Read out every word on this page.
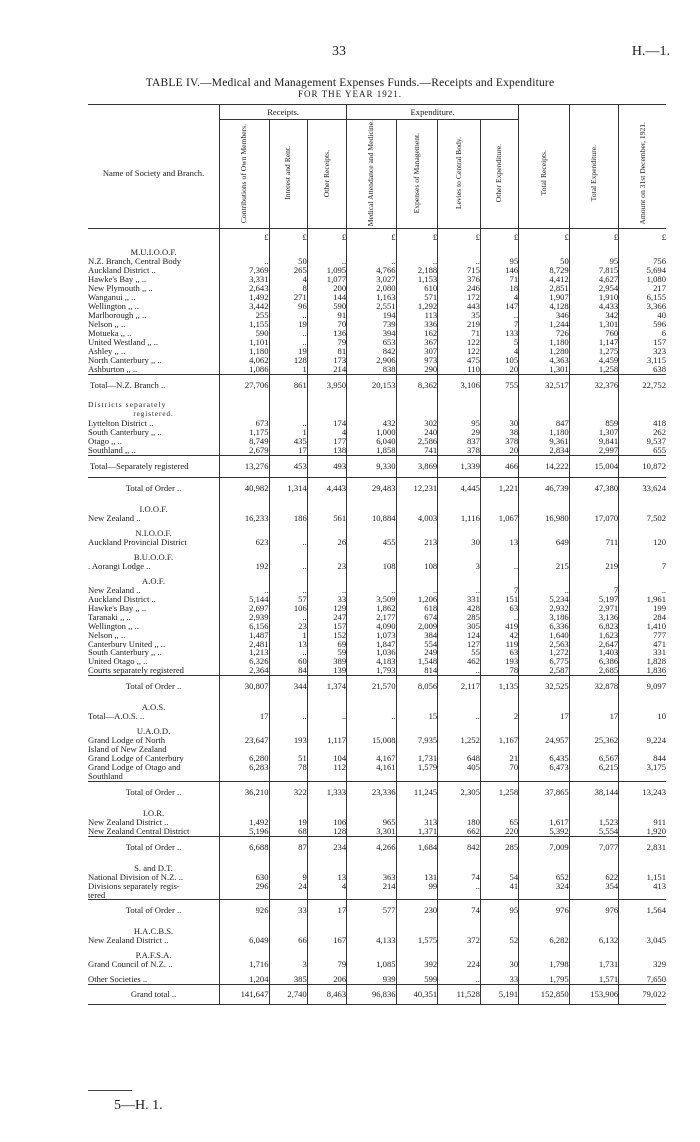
33	H.—1.
TABLE IV.—Medical and Management Expenses Funds.—Receipts and Expenditure
FOR THE YEAR 1921.
	Receipts.			Expenditure.						
Name of Society and Branch.	Contributions of Own Members.	Interest and Rent.	Other Receipts.	Medical Attendance and Medicine.	Expenses of Management.	Levies to Central Body.	Other Expenditure.	Total Receipts.	Total Expenditure.	Amount on 31st December, 1921.
	£	£	£	£	£	£	£	£	£	£
M.U.I.O.O.F.										
N.Z. Branch, Central Body	..	50	..	..	..	..	95	50	95	756
Auckland District ..	7,369	265	1,095	4,766	2,188	715	146	8,729	7,815	5,694
Hawke's Bay ,, ..	3,331	4	1,077	3,027	1,153	376	71	4,412	4,627	1,080
New Plymouth ,, ..	2,643	8	200	2,080	610	246	18	2,851	2,954	217
Wanganui ,, ..	1,492	271	144	1,163	571	172	4	1,907	1,910	6,155
Wellington ,, ..	3,442	96	590	2,551	1,292	443	147	4,128	4,433	3,366
Marlborough ,, ..	255	..	91	194	113	35	..	346	342	40
Nelson ,, ..	1,155	19	70	739	336	219	7	1,244	1,301	596
Motueka ,, ..	590	..	136	394	162	71	133	726	760	6
United Westland ,, ..	1,101	..	79	653	367	122	5	1,180	1,147	157
Ashley ,, ..	1,180	19	81	842	307	122	4	1,280	1,275	323
North Canterbury ,, ..	4,062	128	173	2,906	973	475	105	4,363	4,459	3,115
Ashburton ,, ..	1,086	1	214	838	290	110	20	1,301	1,258	638
Total—N.Z. Branch ..	27,706	861	3,950	20,153	8,362	3,106	755	32,517	32,376	22,752
Districts separately										
registered.										
Lyttelton District ..	673	..	174	432	302	95	30	847	859	418
South Canterbury ,, ..	1,175	1	4	1,000	240	29	38	1,180	1,307	262
Otago ,, ..	8,749	435	177	6,040	2,586	837	378	9,361	9,841	9,537
Southland ,, ..	2,679	17	138	1,858	741	378	20	2,834	2,997	655
Total—Separately registered	13,276	453	493	9,330	3,869	1,339	466	14,222	15,004	10,872
Total of Order ..	40,982	1,314	4,443	29,483	12,231	4,445	1,221	46,739	47,380	33,624
I.O.O.F.										
New Zealand ..	16,233	186	561	10,884	4,003	1,116	1,067	16,980	17,070	7,502
N.I.O.O.F.										
Auckland Provincial District	623	..	26	455	213	30	13	649	711	120
B.U.O.O.F.										
. Aorangi Lodge ..	192	..	23	108	108	3	..	215	219	7
A.O.F.										
New Zealand ..	..	..	..	..	..	..	7	..	7	..
Auckland District ..	5,144	57	33	3,509	1,206	331	151	5,234	5,197	1,961
Hawke's Bay ,, ..	2,697	106	129	1,862	618	428	63	2,932	2,971	199
Taranaki ,, ..	2,939	..	247	2,177	674	285	..	3,186	3,136	284
Wellington ,, ..	6,156	23	157	4,090	2,009	305	419	6,336	6,823	1,410
Nelson ,, ..	1,487	1	152	1,073	384	124	42	1,640	1,623	777
Canterbury United ,, ..	2,481	13	69	1,847	554	127	119	2,563	2,647	471
South Canterbury ,, ..	1,213	..	59	1,036	249	55	63	1,272	1,403	331
United Otago ,, ..	6,326	60	389	4,183	1,548	462	193	6,775	6,386	1,828
Courts separately registered	2,364	84	139	1,793	814	..	78	2,587	2,685	1,836
Total of Order ..	30,807	344	1,374	21,570	8,056	2,117	1,135	32,525	32,878	9,097
A.O.S.										
Total—A.O.S. ..	17	..	..	..	15	..	2	17	17	10
U.A.O.D.										
Grand Lodge of North	23,647	193	1,117	15,008	7,935	1,252	1,167	24,957	25,362	9,224
Island of New Zealand										
Grand Lodge of Canterbury	6,280	51	104	4,167	1,731	648	21	6,435	6,567	844
Grand Lodge of Otago and	6,283	78	112	4,161	1,579	405	70	6,473	6,215	3,175
Southland										
Total of Order ..	36,210	322	1,333	23,336	11,245	2,305	1,258	37,865	38,144	13,243
I.O.R.										
New Zealand District ..	1,492	19	106	965	313	180	65	1,617	1,523	911
New Zealand Central District	5,196	68	128	3,301	1,371	662	220	5,392	5,554	1,920
Total of Order ..	6,688	87	234	4,266	1,684	842	285	7,009	7,077	2,831
S. and D.T.										
National Division of N.Z. ..	630	9	13	363	131	74	54	652	622	1,151
Divisions separately regis-	296	24	4	214	99	..	41	324	354	413
tered										
Total of Order ..	926	33	17	577	230	74	95	976	976	1,564
H.A.C.B.S.										
New Zealand District ..	6,049	66	167	4,133	1,575	372	52	6,282	6,132	3,045
P.A.F.S.A.										
Grand Council of N.Z. ..	1,716	3	79	1,085	392	224	30	1,798	1,731	329
Other Societies ..	1,204	385	206	939	599	..	33	1,795	1,571	7,650
Grand total ..	141,647	2,740	8,463	96,836	40,351	11,528	5,191	152,850	153,906	79,022
5—H. 1.
